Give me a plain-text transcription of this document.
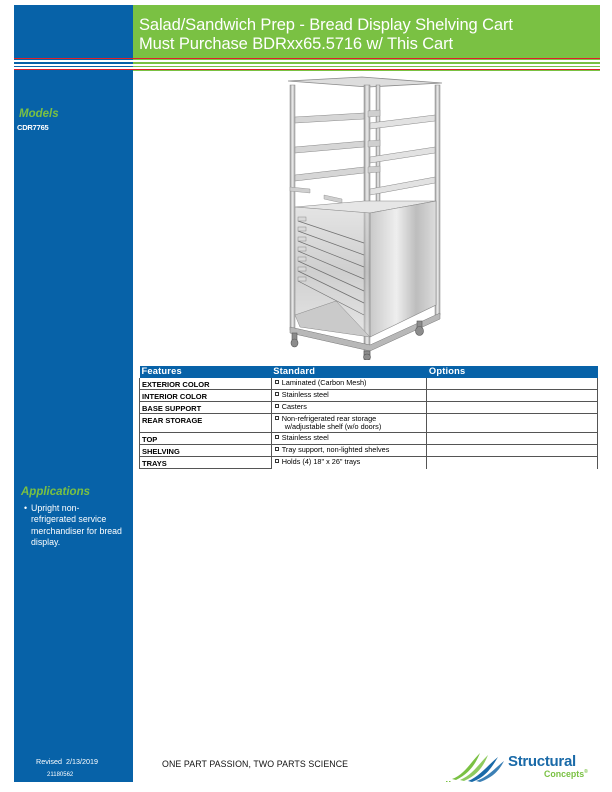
Salad/Sandwich Prep - Bread Display Shelving Cart
Must Purchase BDRxx65.5716 w/ This Cart
Models
CDR7765
Applications
• Upright non-refrigerated service merchandiser for bread display.
Revised 2/13/2019
21180562
Features	Standard	Options
EXTERIOR COLOR	Laminated (Carbon Mesh)	
INTERIOR COLOR	Stainless steel	
BASE SUPPORT	Casters	
REAR STORAGE	Non-refrigerated rear storage
w/adjustable shelf (w/o doors)	

TOP	Stainless steel	
SHELVING	Tray support, non-lighted shelves	
TRAYS	Holds (4) 18" x 26" trays	
ONE PART PASSION, TWO PARTS SCIENCE	Structural
Concepts®
